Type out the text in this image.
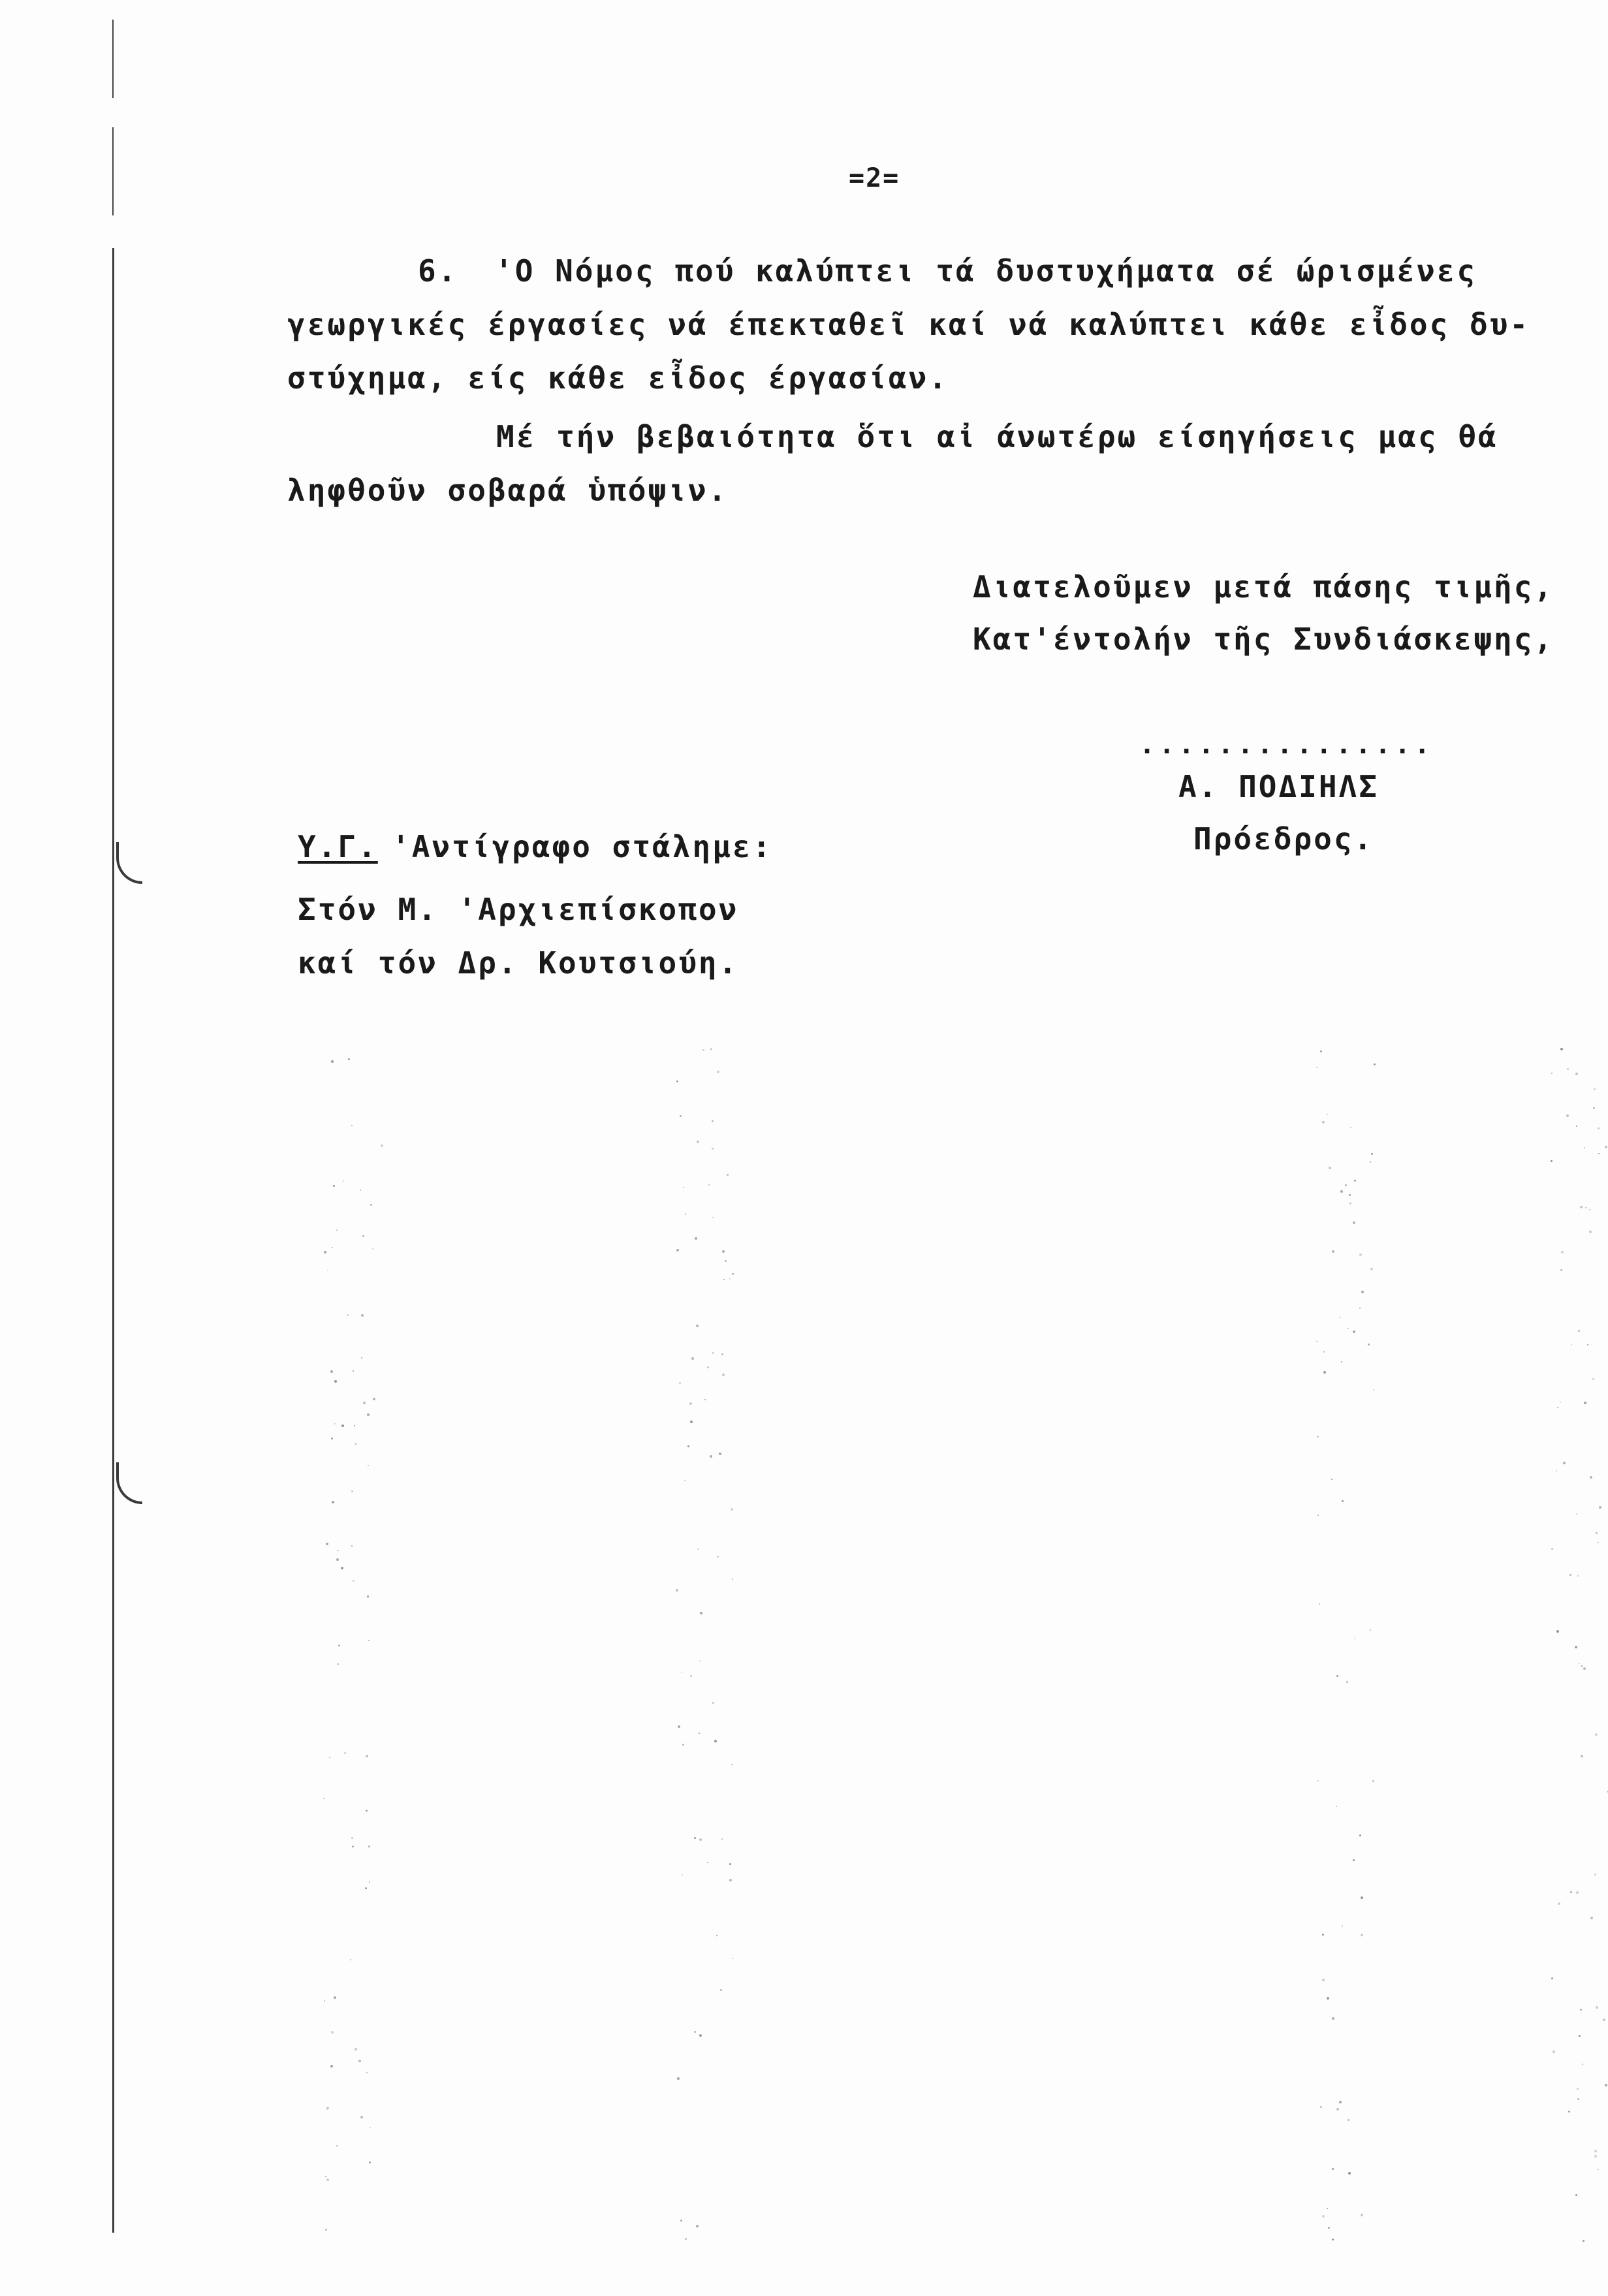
=2=
6. 'Ο Νόμος πού καλύπτει τά δυστυχήματα σέ ώρισμένες
γεωργικές έργασίες νά έπεκταθεῖ καί νά καλύπτει κάθε εἶδος δυ-
στύχημα, είς κάθε εἶδος έργασίαν.
Μέ τήν βεβαιότητα ὅτι αἰ άνωτέρω είσηγήσεις μας θά
ληφθοῦν σοβαρά ὑπόψιν.
Διατελοῦμεν μετά πάσης τιμῆς,
Κατ'έντολήν τῆς Συνδιάσκεψης,
...............
Α. ΠΟΔΙΗΛΣ
Πρόεδρος.
Υ.Γ. 'Αντίγραφο στάλημε:
Στόν Μ. 'Αρχιεπίσκοπον
καί τόν Δρ. Κουτσιούη.
